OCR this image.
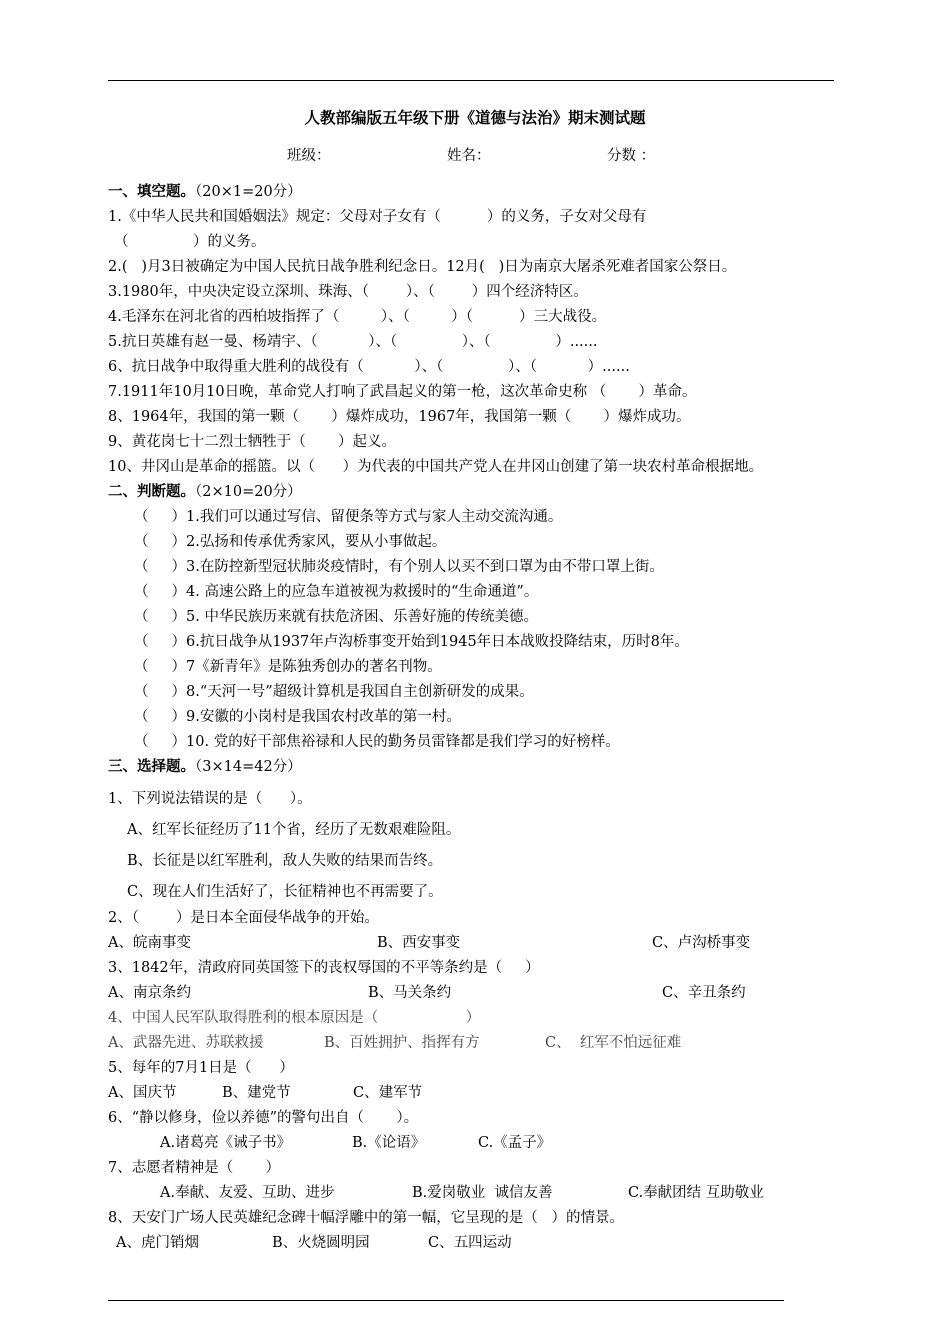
人教部编版五年级下册《道德与法治》期末测试题
班级：	姓名：	分数 ：
一、填空题。（20×1=20分）
1.《中华人民共和国婚姻法》规定：父母对子女有（          ）的义务，子女对父母有
（              ）的义务。
2.(   )月3日被确定为中国人民抗日战争胜利纪念日。12月(   )日为南京大屠杀死难者国家公祭日。
3.1980年，中央决定设立深圳、珠海、（        ）、（        ）四个经济特区。
4.毛泽东在河北省的西柏坡指挥了（         ）、（         ）（          ）三大战役。
5.抗日英雄有赵一曼、杨靖宇、（           ）、（              ）、（              ）......
6、抗日战争中取得重大胜利的战役有（           ）、（              ）、（           ）......
7.1911年10月10日晚，革命党人打响了武昌起义的第一枪，这次革命史称 （       ）革命。
8、1964年，我国的第一颗（       ）爆炸成功，1967年，我国第一颗（       ）爆炸成功。
9、黄花岗七十二烈士牺牲于（       ）起义。
10、井冈山是革命的摇篮。以（      ）为代表的中国共产党人在井冈山创建了第一块农村革命根据地。
二、判断题。（2×10=20分）
（     ）1.我们可以通过写信、留便条等方式与家人主动交流沟通。
（     ）2.弘扬和传承优秀家风，要从小事做起。
（     ）3.在防控新型冠状肺炎疫情时，有个别人以买不到口罩为由不带口罩上街。
（     ）4. 高速公路上的应急车道被视为救援时的“生命通道”。
（     ）5. 中华民族历来就有扶危济困、乐善好施的传统美德。
（     ）6.抗日战争从1937年卢沟桥事变开始到1945年日本战败投降结束，历时8年。
（     ）7《新青年》是陈独秀创办的著名刊物。
（     ）8.“天河一号”超级计算机是我国自主创新研发的成果。
（     ）9.安徽的小岗村是我国农村改革的第一村。
（     ）10. 党的好干部焦裕禄和人民的勤务员雷锋都是我们学习的好榜样。
三、选择题。（3×14=42分）
1、下列说法错误的是（      ）。
A、红军长征经历了11个省，经历了无数艰难险阻。
B、长征是以红军胜利，敌人失败的结果而告终。
C、现在人们生活好了，长征精神也不再需要了。
2、（        ）是日本全面侵华战争的开始。
A、皖南事变	B、西安事变	C、卢沟桥事变
3、1842年，清政府同英国签下的丧权辱国的不平等条约是（     ）
A、南京条约	B、马关条约	C、辛丑条约
4、中国人民军队取得胜利的根本原因是（                   ）
A、武器先进、苏联救援	B、百姓拥护、指挥有方	C、  红军不怕远征难
5、每年的7月1日是（      ）
A、国庆节	B、建党节	C、建军节
6、“静以修身，俭以养德”的警句出自（       ）。
A.诸葛亮《诫子书》	B.《论语》	C.《孟子》
7、志愿者精神是（       ）
A.奉献、友爱、互助、进步	B.爱岗敬业  诚信友善	C.奉献团结 互助敬业
8、天安门广场人民英雄纪念碑十幅浮雕中的第一幅，它呈现的是（   ）的情景。
A、虎门销烟	B、火烧圆明园	C、五四运动
